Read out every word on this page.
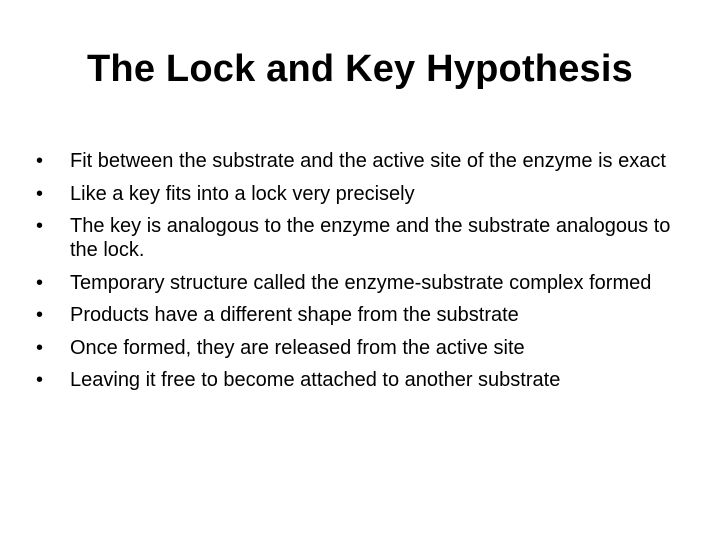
The Lock and Key Hypothesis
•	Fit between the substrate and the active site of the enzyme is exact
•	Like a key fits into a lock very precisely
•	The key is analogous to the enzyme and the substrate analogous to the lock.
•	Temporary structure called the enzyme-substrate complex formed
•	Products have a different shape from the substrate
•	Once formed, they are released from the active site
•	Leaving it free to become attached to another substrate
